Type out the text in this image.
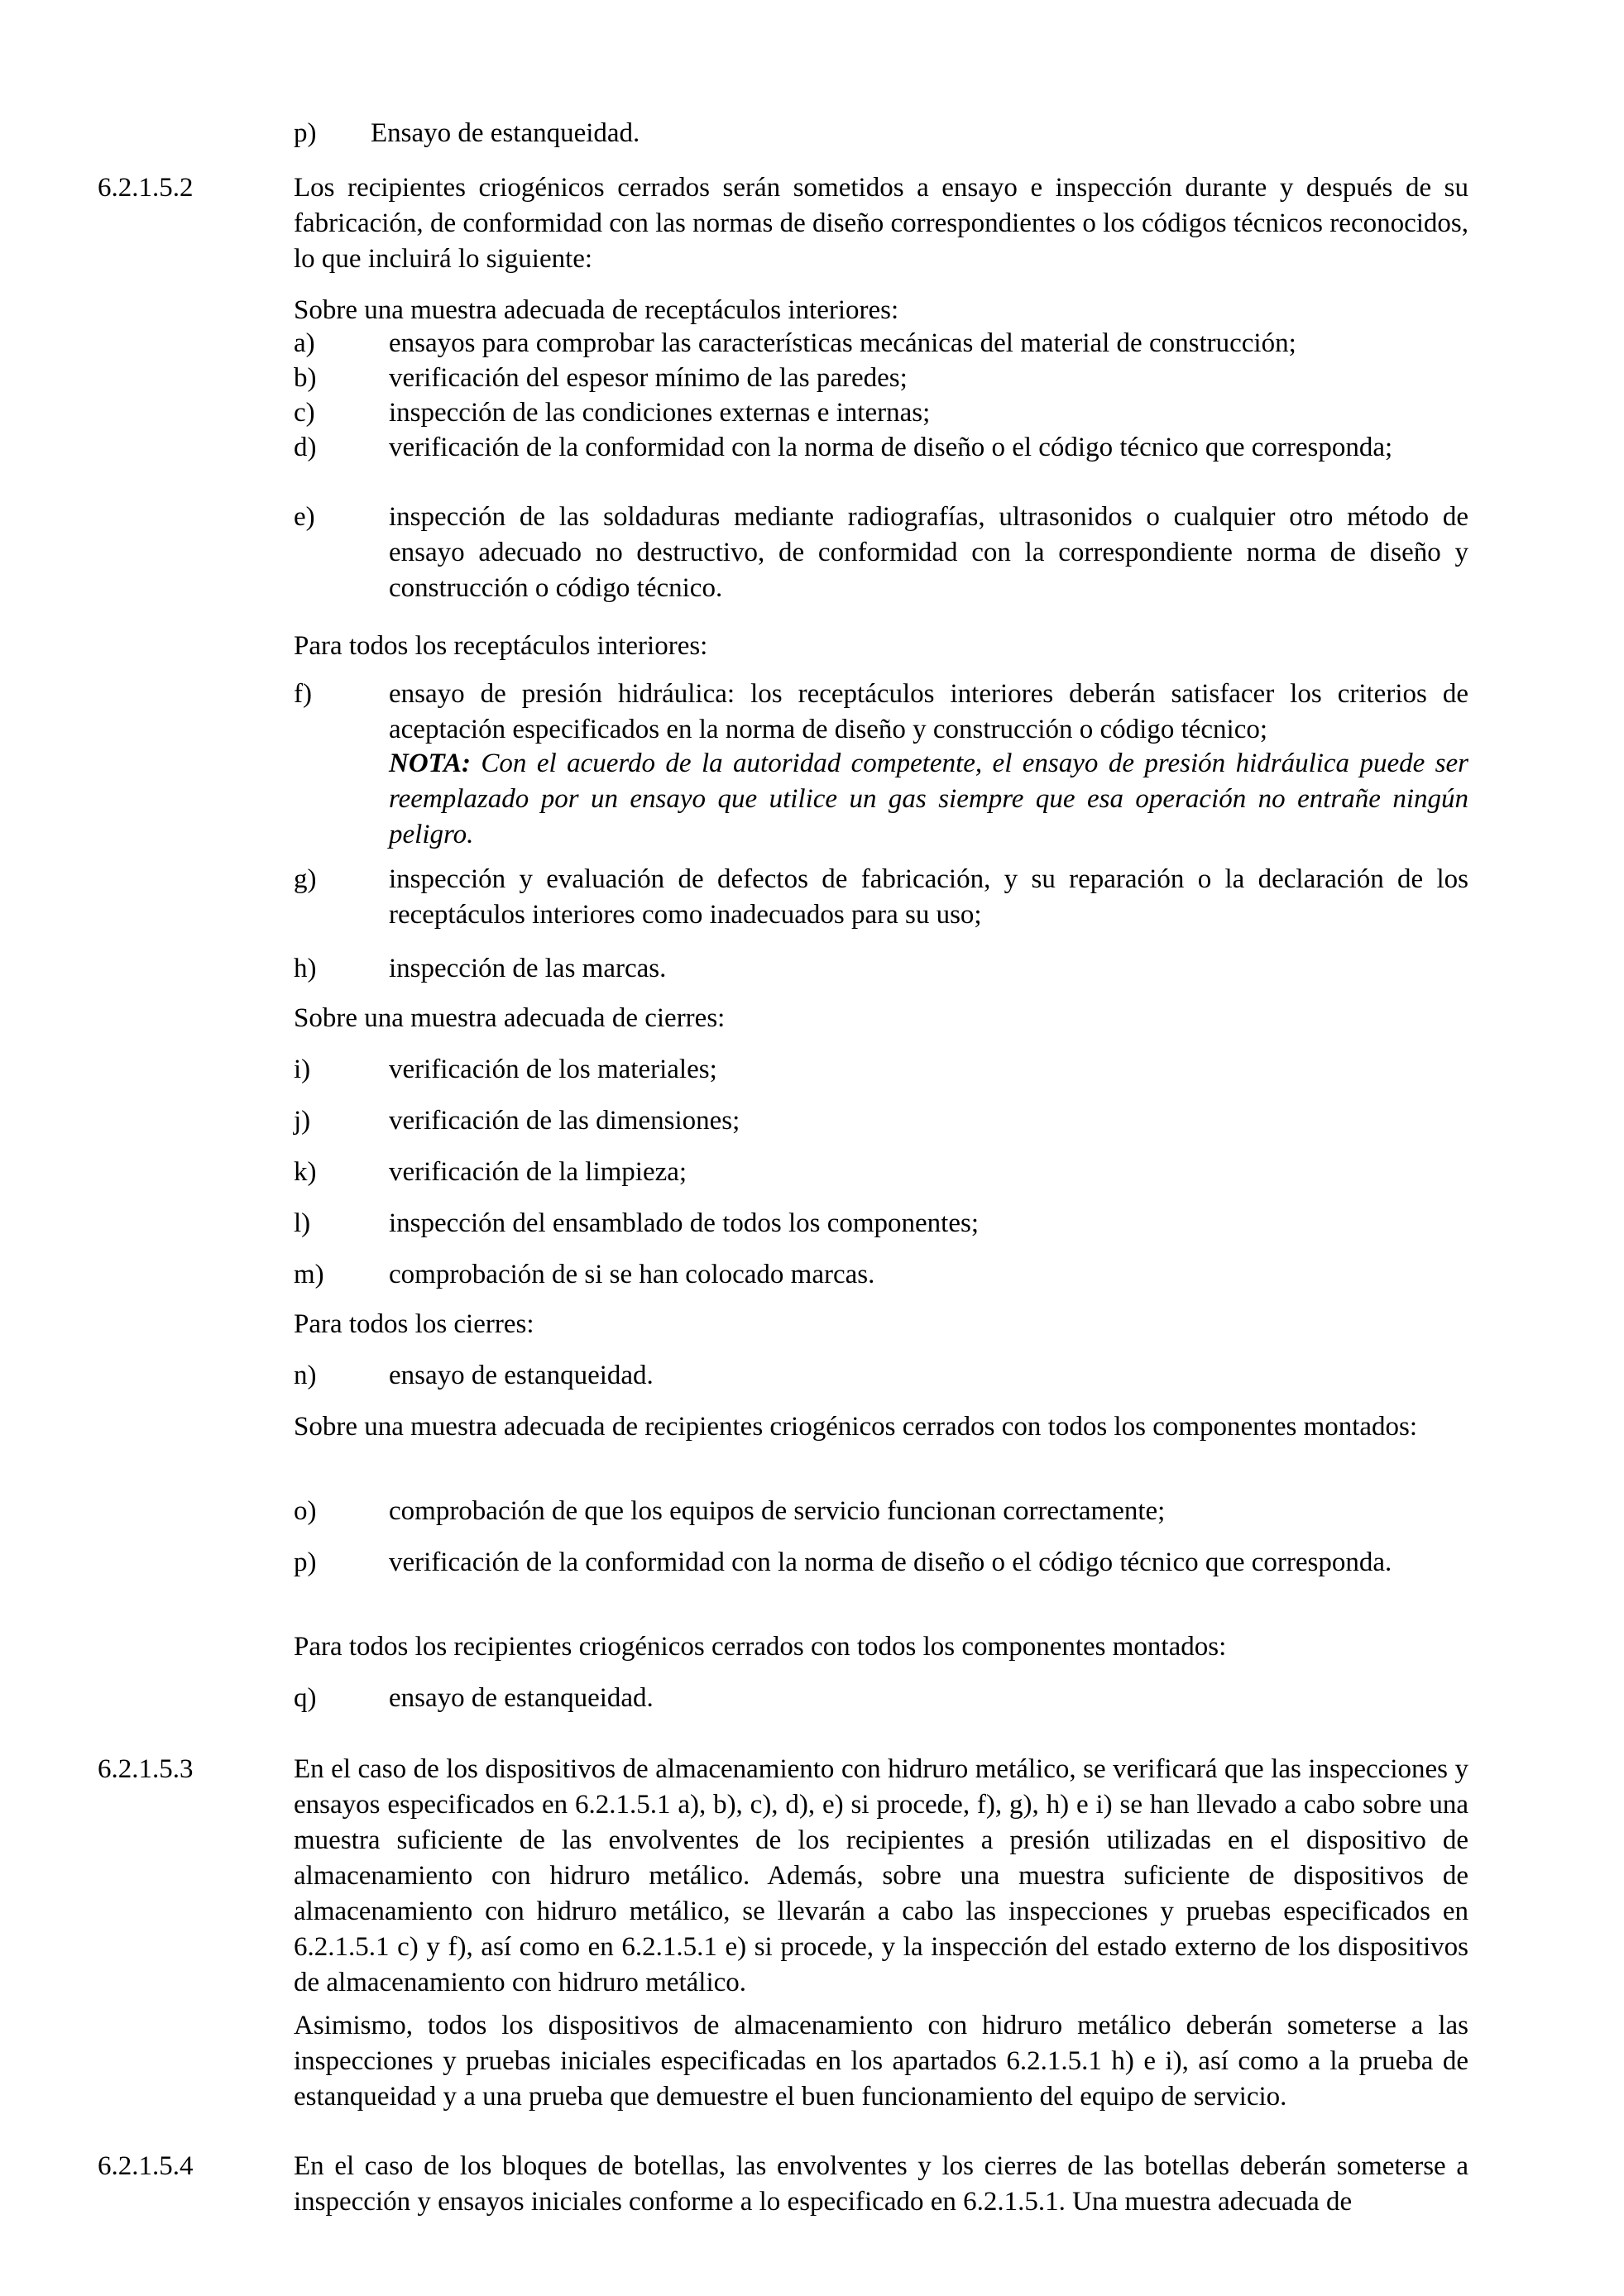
p) Ensayo de estanqueidad.
6.2.1.5.2	Los recipientes criogénicos cerrados serán sometidos a ensayo e inspección durante y después de su fabricación, de conformidad con las normas de diseño correspondientes o los códigos técnicos reconocidos, lo que incluirá lo siguiente:
Sobre una muestra adecuada de receptáculos interiores:
a)	ensayos para comprobar las características mecánicas del material de construcción;
b)	verificación del espesor mínimo de las paredes;
c)	inspección de las condiciones externas e internas;
d)	verificación de la conformidad con la norma de diseño o el código técnico que corresponda;
e)	inspección de las soldaduras mediante radiografías, ultrasonidos o cualquier otro método de ensayo adecuado no destructivo, de conformidad con la correspondiente norma de diseño y construcción o código técnico.
Para todos los receptáculos interiores:
f)	ensayo de presión hidráulica: los receptáculos interiores deberán satisfacer los criterios de aceptación especificados en la norma de diseño y construcción o código técnico;
NOTA: Con el acuerdo de la autoridad competente, el ensayo de presión hidráulica puede ser reemplazado por un ensayo que utilice un gas siempre que esa operación no entrañe ningún peligro.
g)	inspección y evaluación de defectos de fabricación, y su reparación o la declaración de los receptáculos interiores como inadecuados para su uso;
h)	inspección de las marcas.
Sobre una muestra adecuada de cierres:
i)	verificación de los materiales;
j)	verificación de las dimensiones;
k)	verificación de la limpieza;
l)	inspección del ensamblado de todos los componentes;
m) comprobación de si se han colocado marcas.
Para todos los cierres:
n)	ensayo de estanqueidad.
Sobre una muestra adecuada de recipientes criogénicos cerrados con todos los componentes montados:
o)	comprobación de que los equipos de servicio funcionan correctamente;
p)	verificación de la conformidad con la norma de diseño o el código técnico que corresponda.
Para todos los recipientes criogénicos cerrados con todos los componentes montados:
q)	ensayo de estanqueidad.
6.2.1.5.3	En el caso de los dispositivos de almacenamiento con hidruro metálico, se verificará que las inspecciones y ensayos especificados en 6.2.1.5.1 a), b), c), d), e) si procede, f), g), h) e i) se han llevado a cabo sobre una muestra suficiente de las envolventes de los recipientes a presión utilizadas en el dispositivo de almacenamiento con hidruro metálico. Además, sobre una muestra suficiente de dispositivos de almacenamiento con hidruro metálico, se llevarán a cabo las inspecciones y pruebas especificados en 6.2.1.5.1 c) y f), así como en 6.2.1.5.1 e) si procede, y la inspección del estado externo de los dispositivos de almacenamiento con hidruro metálico.
Asimismo, todos los dispositivos de almacenamiento con hidruro metálico deberán someterse a las inspecciones y pruebas iniciales especificadas en los apartados 6.2.1.5.1 h) e i), así como a la prueba de estanqueidad y a una prueba que demuestre el buen funcionamiento del equipo de servicio.
6.2.1.5.4	En el caso de los bloques de botellas, las envolventes y los cierres de las botellas deberán someterse a inspección y ensayos iniciales conforme a lo especificado en 6.2.1.5.1. Una muestra adecuada de
